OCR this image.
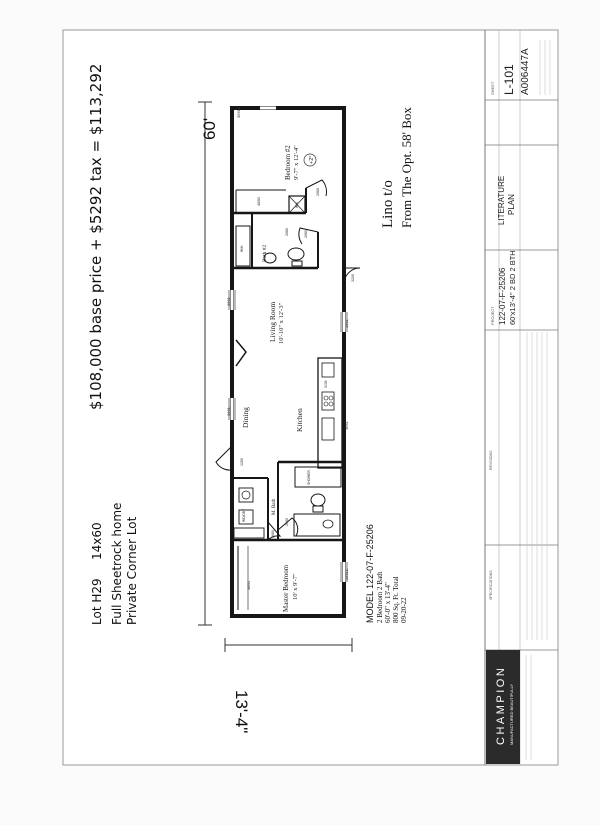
CHAMPION MANUFACTURED BEAUTIFULLY
SHEET L-101 A006447A
LITERATURE PLAN
PROJECT 122-07-F-25206 60'x13'-4" 2 BD 2 BTH
REVISIONS
SPECIFICATIONS
Bedroom #2 9'-7" x 12'-4" +2°
Bath #2
Living Room 10'-10" x 12'-3"
Dining	Kitchen
M. Bath
Master Bedroom 10' x 9'-7"
WD/DRY
WH
SHOWER
W/H
3661E
4880
3661
3661
3661
3661
3661E
3036
4860
2680
2680
2680
3200
1280
2680
2680
$108,000 base price + $5292 tax = $113,292
Lot H29
14x60 Full Sheetrock home Private Corner Lot
60'
13'-4"
MODEL 122-07-F-25206 2 Bedroom 2 Bath 60'-0" x 13'-4" 800 Sq. Ft. Total 09-20-22
Lino t/o From The Opt. 58' Box
